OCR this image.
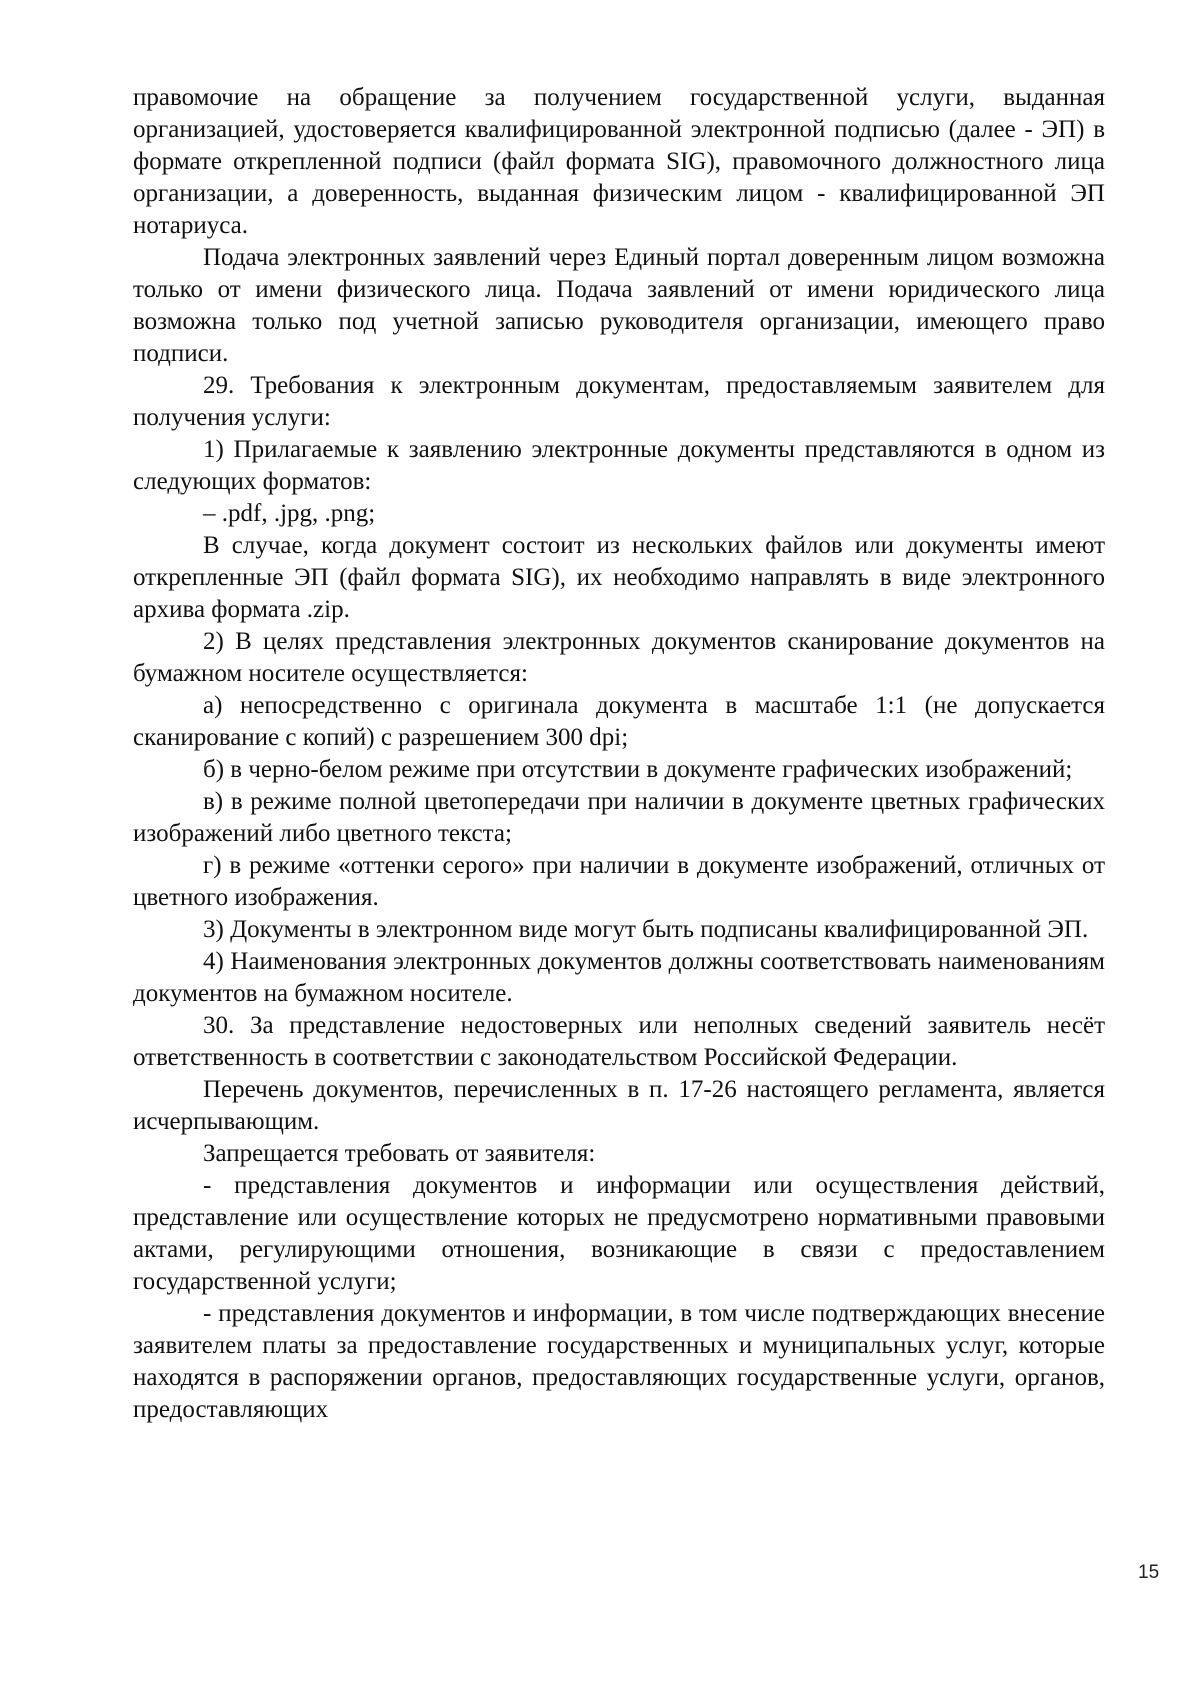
правомочие на обращение за получением государственной услуги, выданная организацией, удостоверяется квалифицированной электронной подписью (далее - ЭП) в формате открепленной подписи (файл формата SIG), правомочного должностного лица организации, а доверенность, выданная физическим лицом - квалифицированной ЭП нотариуса.

Подача электронных заявлений через Единый портал доверенным лицом возможна только от имени физического лица. Подача заявлений от имени юридического лица возможна только под учетной записью руководителя организации, имеющего право подписи.

29. Требования к электронным документам, предоставляемым заявителем для получения услуги:

1) Прилагаемые к заявлению электронные документы представляются в одном из следующих форматов:

– .pdf, .jpg, .png;

В случае, когда документ состоит из нескольких файлов или документы имеют открепленные ЭП (файл формата SIG), их необходимо направлять в виде электронного архива формата .zip.

2) В целях представления электронных документов сканирование документов на бумажном носителе осуществляется:

а) непосредственно с оригинала документа в масштабе 1:1 (не допускается сканирование с копий) с разрешением 300 dpi;

б) в черно-белом режиме при отсутствии в документе графических изображений;

в) в режиме полной цветопередачи при наличии в документе цветных графических изображений либо цветного текста;

г) в режиме «оттенки серого» при наличии в документе изображений, отличных от цветного изображения.

3) Документы в электронном виде могут быть подписаны квалифицированной ЭП.

4) Наименования электронных документов должны соответствовать наименованиям документов на бумажном носителе.

30. За представление недостоверных или неполных сведений заявитель несёт ответственность в соответствии с законодательством Российской Федерации.

Перечень документов, перечисленных в п. 17-26 настоящего регламента, является исчерпывающим.

Запрещается требовать от заявителя:

- представления документов и информации или осуществления действий, представление или осуществление которых не предусмотрено нормативными правовыми актами, регулирующими отношения, возникающие в связи с предоставлением государственной услуги;

- представления документов и информации, в том числе подтверждающих внесение заявителем платы за предоставление государственных и муниципальных услуг, которые находятся в распоряжении органов, предоставляющих государственные услуги, органов, предоставляющих

15
